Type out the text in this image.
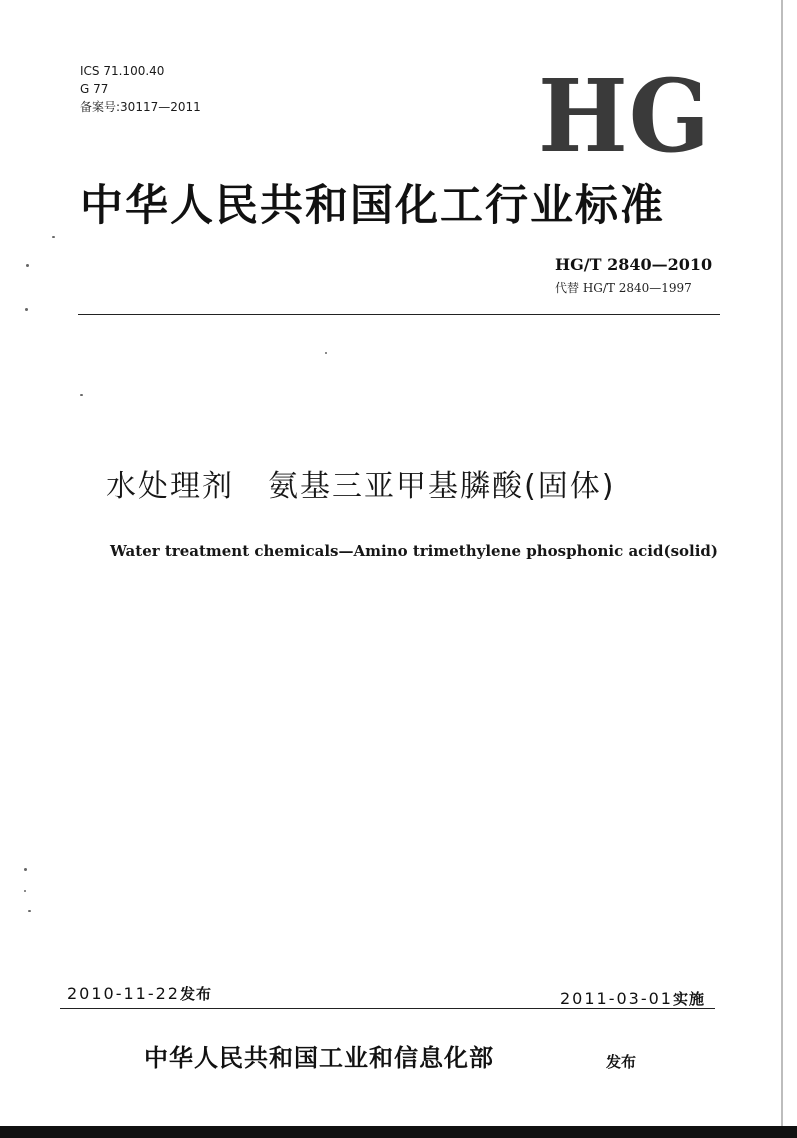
ICS 71.100.40
G 77
备案号:30117—2011	HG
中华人民共和国化工行业标准
HG/T 2840—2010
代替 HG/T 2840—1997
水处理剂 氨基三亚甲基膦酸(固体)
Water treatment chemicals—Amino trimethylene phosphonic acid(solid)
2010-11-22发布	2011-03-01实施
中华人民共和国工业和信息化部	发布
